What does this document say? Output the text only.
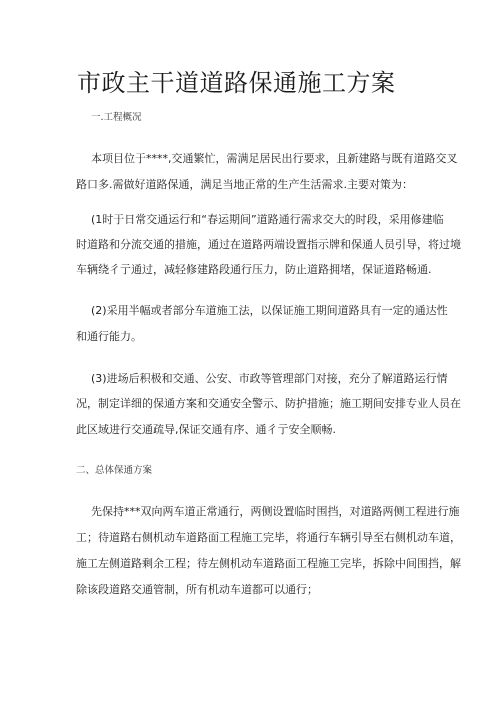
市政主干道道路保通施工方案
一.工程概况
本项目位于****,交通繁忙，需满足居民出行要求，且新建路与既有道路交叉
路口多.需做好道路保通，满足当地正常的生产生活需求.主要对策为：
(1时于日常交通运行和“春运期间”道路通行需求交大的时段，采用修建临
时道路和分流交通的措施，通过在道路两端设置指示牌和保通人员引导，将过境
车辆绕彳亍通过，减轻修建路段通行压力，防止道路拥堵，保证道路畅通.
(2)采用半幅或者部分车道施工法，以保证施工期间道路具有一定的通达性
和通行能力。
(3)进场后积极和交通、公安、市政等管理部门对接，充分了解道路运行情
况，制定详细的保通方案和交通安全警示、防护措施；施工期间安排专业人员在
此区域进行交通疏导,保证交通有序、通彳亍安全顺畅.
二、总体保通方案
先保持***双向两车道正常通行，两侧设置临时围挡，对道路两侧工程进行施
工；待道路右侧机动车道路面工程施工完毕，将通行车辆引导至右侧机动车道，
施工左侧道路剩余工程；待左侧机动车道路面工程施工完毕，拆除中间围挡，解
除该段道路交通管制，所有机动车道都可以通行；
